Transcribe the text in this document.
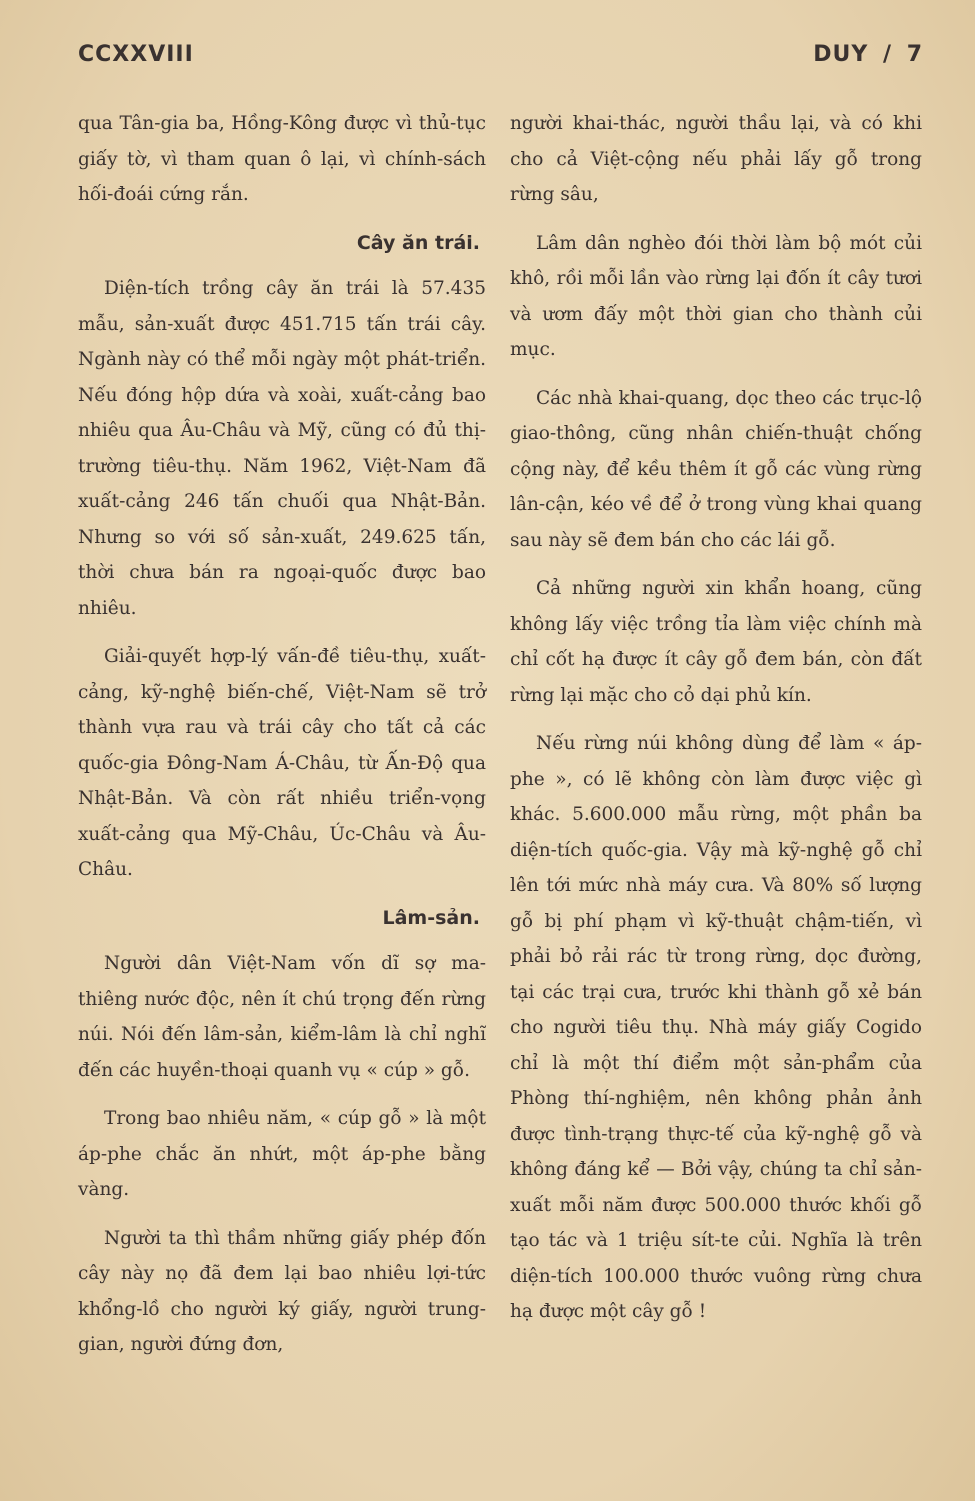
CCXXVIII	DUY / 7

qua Tân-gia ba, Hồng-Kông được vì thủ-tục giấy tờ, vì tham quan ô lại, vì chính-sách hối-đoái cứng rắn.

Cây ăn trái.

Diện-tích trồng cây ăn trái là 57.435 mẫu, sản-xuất được 451.715 tấn trái cây. Ngành này có thể mỗi ngày một phát-triển. Nếu đóng hộp dứa và xoài, xuất-cảng bao nhiêu qua Âu-Châu và Mỹ, cũng có đủ thị-trường tiêu-thụ. Năm 1962, Việt-Nam đã xuất-cảng 246 tấn chuối qua Nhật-Bản. Nhưng so với số sản-xuất, 249.625 tấn, thời chưa bán ra ngoại-quốc được bao nhiêu.

Giải-quyết hợp-lý vấn-đề tiêu-thụ, xuất-cảng, kỹ-nghệ biến-chế, Việt-Nam sẽ trở thành vựa rau và trái cây cho tất cả các quốc-gia Đông-Nam Á-Châu, từ Ấn-Độ qua Nhật-Bản. Và còn rất nhiều triển-vọng xuất-cảng qua Mỹ-Châu, Úc-Châu và Âu-Châu.

Lâm-sản.

Người dân Việt-Nam vốn dĩ sợ ma-thiêng nước độc, nên ít chú trọng đến rừng núi. Nói đến lâm-sản, kiểm-lâm là chỉ nghĩ đến các huyền-thoại quanh vụ « cúp » gỗ.

Trong bao nhiêu năm, « cúp gỗ » là một áp-phe chắc ăn nhứt, một áp-phe bằng vàng.

Người ta thì thầm những giấy phép đốn cây này nọ đã đem lại bao nhiêu lợi-tức khổng-lồ cho người ký giấy, người trung-gian, người đứng đơn,

người khai-thác, người thầu lại, và có khi cho cả Việt-cộng nếu phải lấy gỗ trong rừng sâu,

Lâm dân nghèo đói thời làm bộ mót củi khô, rồi mỗi lần vào rừng lại đốn ít cây tươi và ươm đấy một thời gian cho thành củi mục.

Các nhà khai-quang, dọc theo các trục-lộ giao-thông, cũng nhân chiến-thuật chống cộng này, để kều thêm ít gỗ các vùng rừng lân-cận, kéo về để ở trong vùng khai quang sau này sẽ đem bán cho các lái gỗ.

Cả những người xin khẩn hoang, cũng không lấy việc trồng tỉa làm việc chính mà chỉ cốt hạ được ít cây gỗ đem bán, còn đất rừng lại mặc cho cỏ dại phủ kín.

Nếu rừng núi không dùng để làm « áp-phe », có lẽ không còn làm được việc gì khác. 5.600.000 mẫu rừng, một phần ba diện-tích quốc-gia. Vậy mà kỹ-nghệ gỗ chỉ lên tới mức nhà máy cưa. Và 80% số lượng gỗ bị phí phạm vì kỹ-thuật chậm-tiến, vì phải bỏ rải rác từ trong rừng, dọc đường, tại các trại cưa, trước khi thành gỗ xẻ bán cho người tiêu thụ. Nhà máy giấy Cogido chỉ là một thí điểm một sản-phẩm của Phòng thí-nghiệm, nên không phản ảnh được tình-trạng thực-tế của kỹ-nghệ gỗ và không đáng kể — Bởi vậy, chúng ta chỉ sản-xuất mỗi năm được 500.000 thước khối gỗ tạo tác và 1 triệu sít-te củi. Nghĩa là trên diện-tích 100.000 thước vuông rừng chưa hạ được một cây gỗ !
